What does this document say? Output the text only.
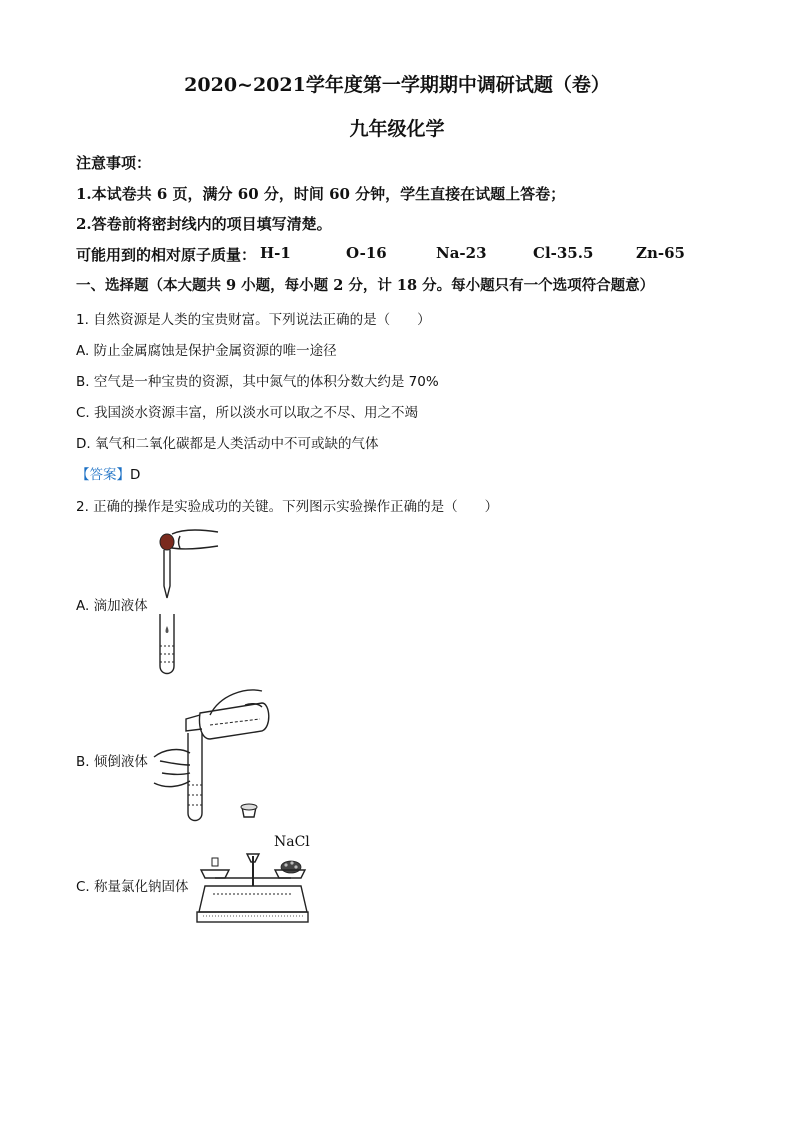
2020~2021学年度第一学期期中调研试题（卷）
九年级化学
注意事项：
1.本试卷共 6 页，满分 60 分，时间 60 分钟，学生直接在试题上答卷；
2.答卷前将密封线内的项目填写清楚。
可能用到的相对原子质量： H-1	O-16	Na-23	Cl-35.5	Zn-65
一、选择题（本大题共 9 小题，每小题 2 分，计 18 分。每小题只有一个选项符合题意）
1. 自然资源是人类的宝贵财富。下列说法正确的是（　　）
A. 防止金属腐蚀是保护金属资源的唯一途径
B. 空气是一种宝贵的资源，其中氮气的体积分数大约是 70%
C. 我国淡水资源丰富，所以淡水可以取之不尽、用之不竭
D. 氧气和二氧化碳都是人类活动中不可或缺的气体
【答案】D
2. 正确的操作是实验成功的关键。下列图示实验操作正确的是（　　）
A. 滴加液体
B. 倾倒液体
C. 称量氯化钠固体
NaCl
